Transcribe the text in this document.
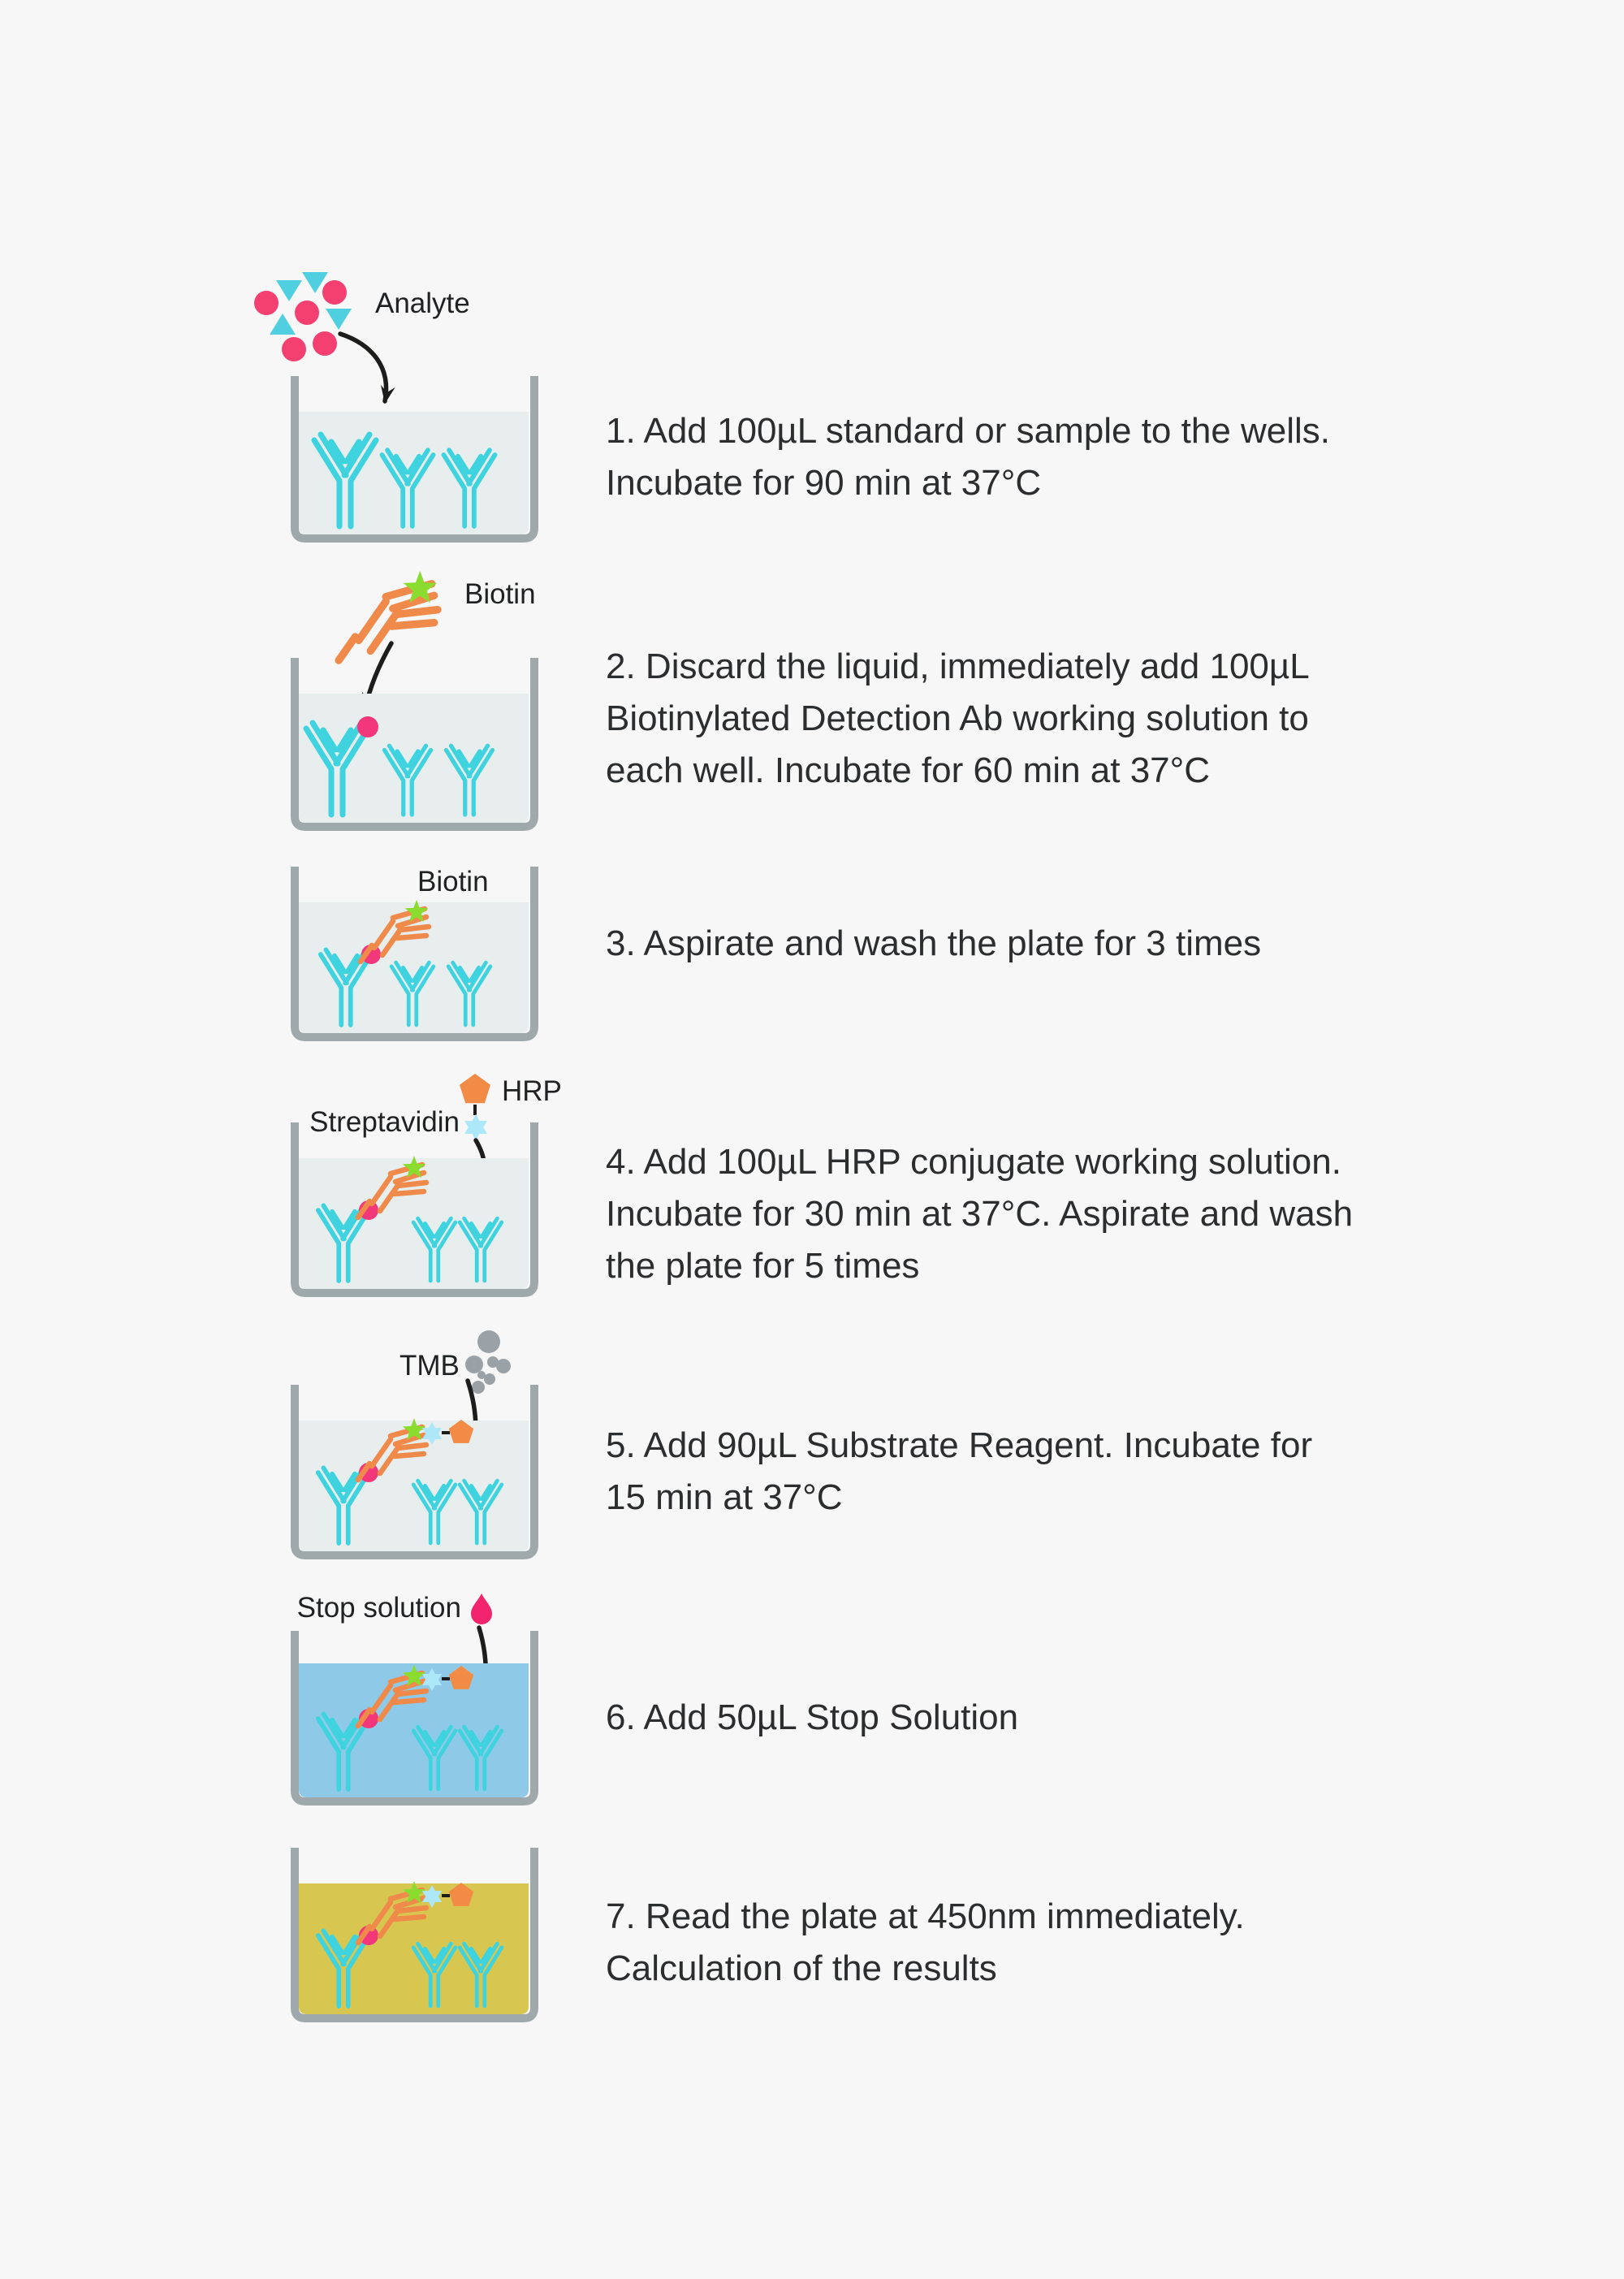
Analyte
Biotin
Biotin
Streptavidin
HRP
TMB
Stop solution
1. Add 100µL standard or sample to the wells.
Incubate for 90 min at 37°C
2. Discard the liquid, immediately add 100µL
Biotinylated Detection Ab working solution to
each well. Incubate for 60 min at 37°C
3. Aspirate and wash the plate for 3 times
4. Add 100µL HRP conjugate working solution.
Incubate for 30 min at 37°C. Aspirate and wash
the plate for 5 times
5. Add 90µL Substrate Reagent. Incubate for
15 min at 37°C
6. Add 50µL Stop Solution
7. Read the plate at 450nm immediately.
Calculation of the results
